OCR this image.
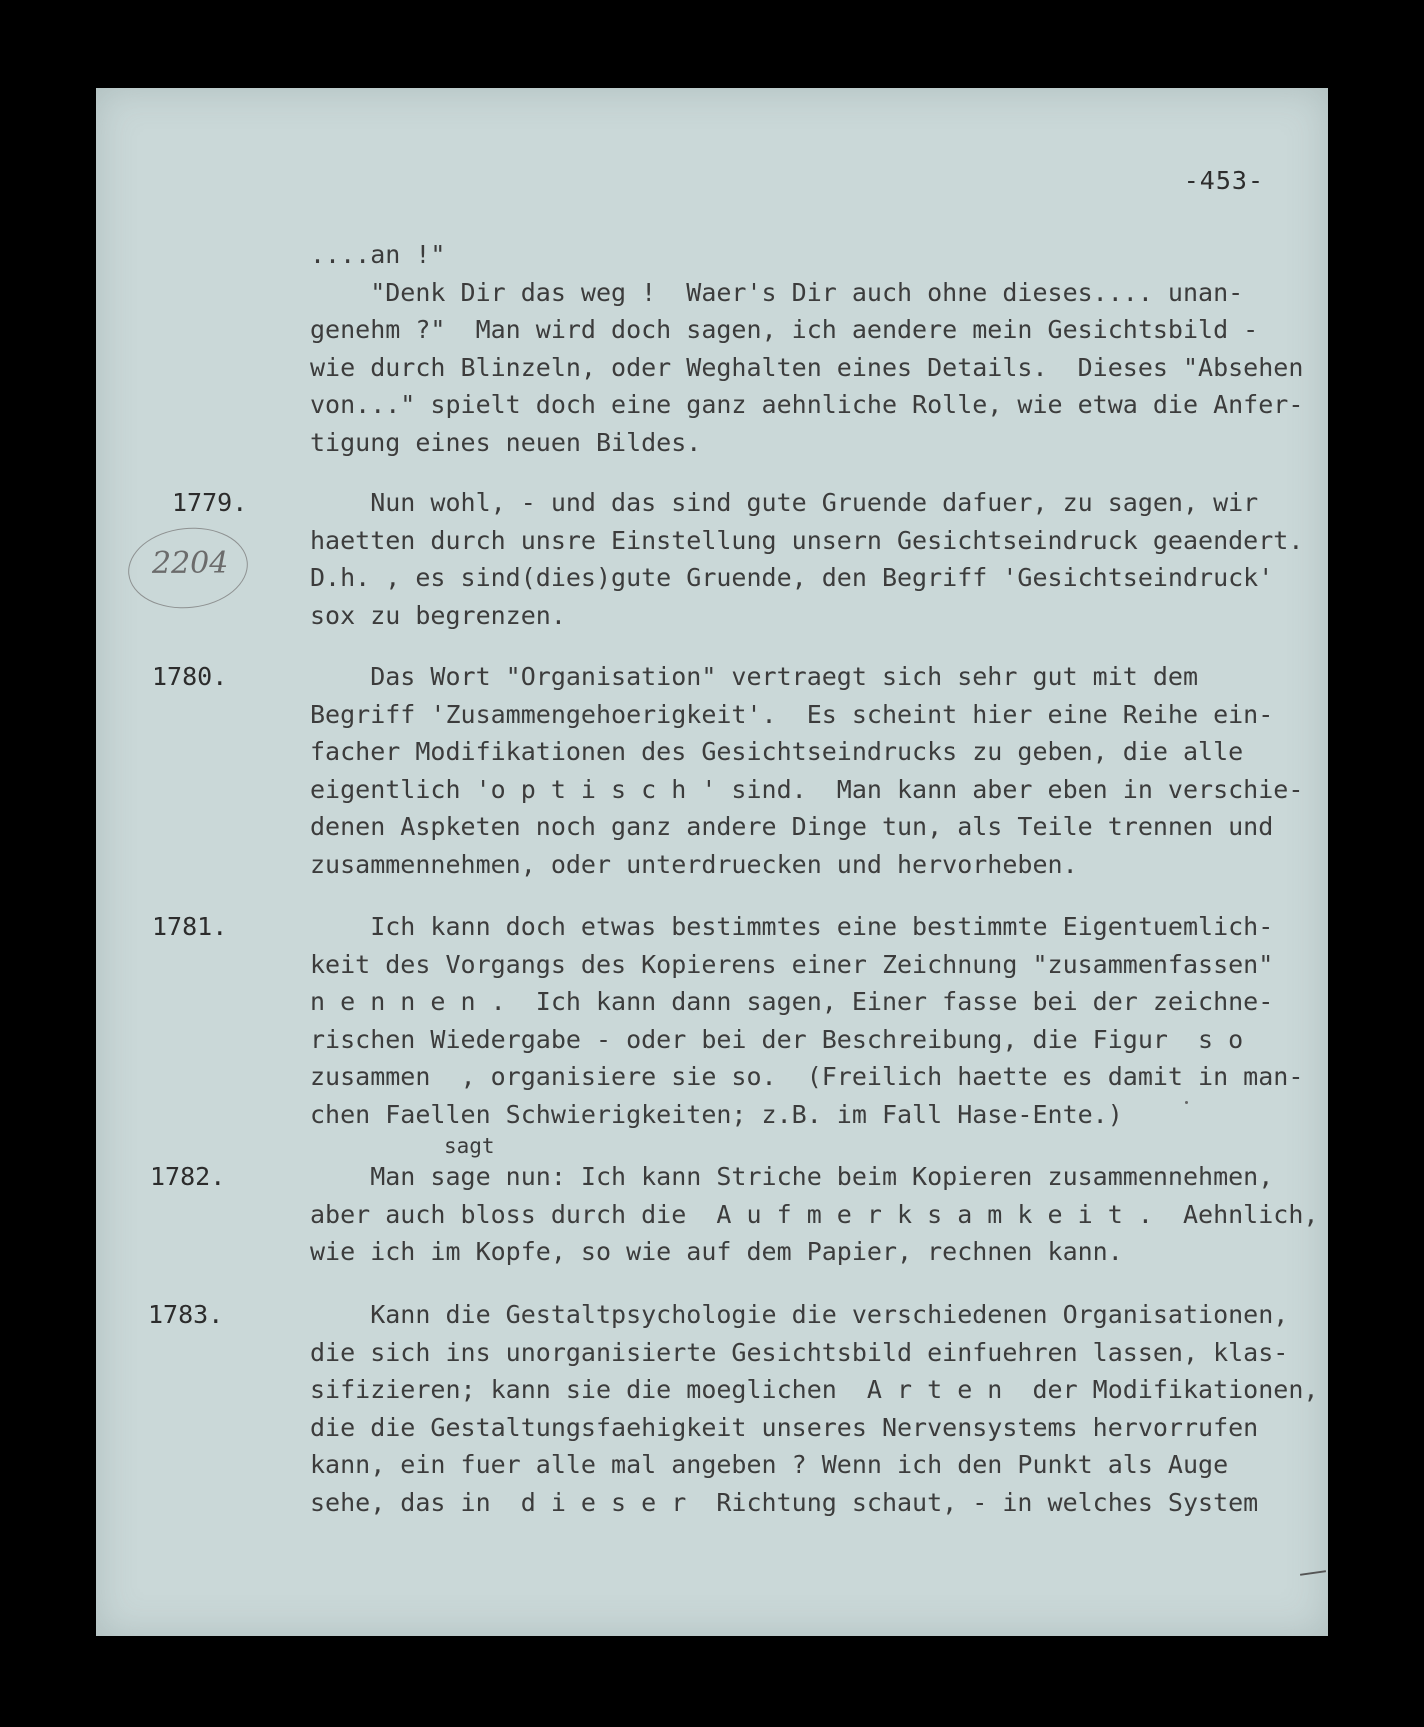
-453-
....an !"
"Denk Dir das weg !  Waer's Dir auch ohne dieses.... unan-
genehm ?"  Man wird doch sagen, ich aendere mein Gesichtsbild -
wie durch Blinzeln, oder Weghalten eines Details.  Dieses "Absehen
von..." spielt doch eine ganz aehnliche Rolle, wie etwa die Anfer-
tigung eines neuen Bildes.
1779.
2204
Nun wohl, - und das sind gute Gruende dafuer, zu sagen, wir
haetten durch unsre Einstellung unsern Gesichtseindruck geaendert.
D.h. , es sind(dies)gute Gruende, den Begriff 'Gesichtseindruck'
sox zu begrenzen.
1780.	Das Wort "Organisation" vertraegt sich sehr gut mit dem
Begriff 'Zusammengehoerigkeit'.  Es scheint hier eine Reihe ein-
facher Modifikationen des Gesichtseindrucks zu geben, die alle
eigentlich 'o p t i s c h ' sind.  Man kann aber eben in verschie-
denen Aspketen noch ganz andere Dinge tun, als Teile trennen und
zusammennehmen, oder unterdruecken und hervorheben.
1781.	Ich kann doch etwas bestimmtes eine bestimmte Eigentuemlich-
keit des Vorgangs des Kopierens einer Zeichnung "zusammenfassen"
n e n n e n .  Ich kann dann sagen, Einer fasse bei der zeichne-
rischen Wiedergabe - oder bei der Beschreibung, die Figur  s o
zusammen  , organisiere sie so.  (Freilich haette es damit in man-
chen Faellen Schwierigkeiten; z.B. im Fall Hase-Ente.)
1782.
sagt
Man sage nun: Ich kann Striche beim Kopieren zusammennehmen,
aber auch bloss durch die  A u f m e r k s a m k e i t .  Aehnlich,
wie ich im Kopfe, so wie auf dem Papier, rechnen kann.
1783.	Kann die Gestaltpsychologie die verschiedenen Organisationen,
die sich ins unorganisierte Gesichtsbild einfuehren lassen, klas-
sifizieren; kann sie die moeglichen  A r t e n  der Modifikationen,
die die Gestaltungsfaehigkeit unseres Nervensystems hervorrufen
kann, ein fuer alle mal angeben ? Wenn ich den Punkt als Auge
sehe, das in  d i e s e r  Richtung schaut, - in welches System
